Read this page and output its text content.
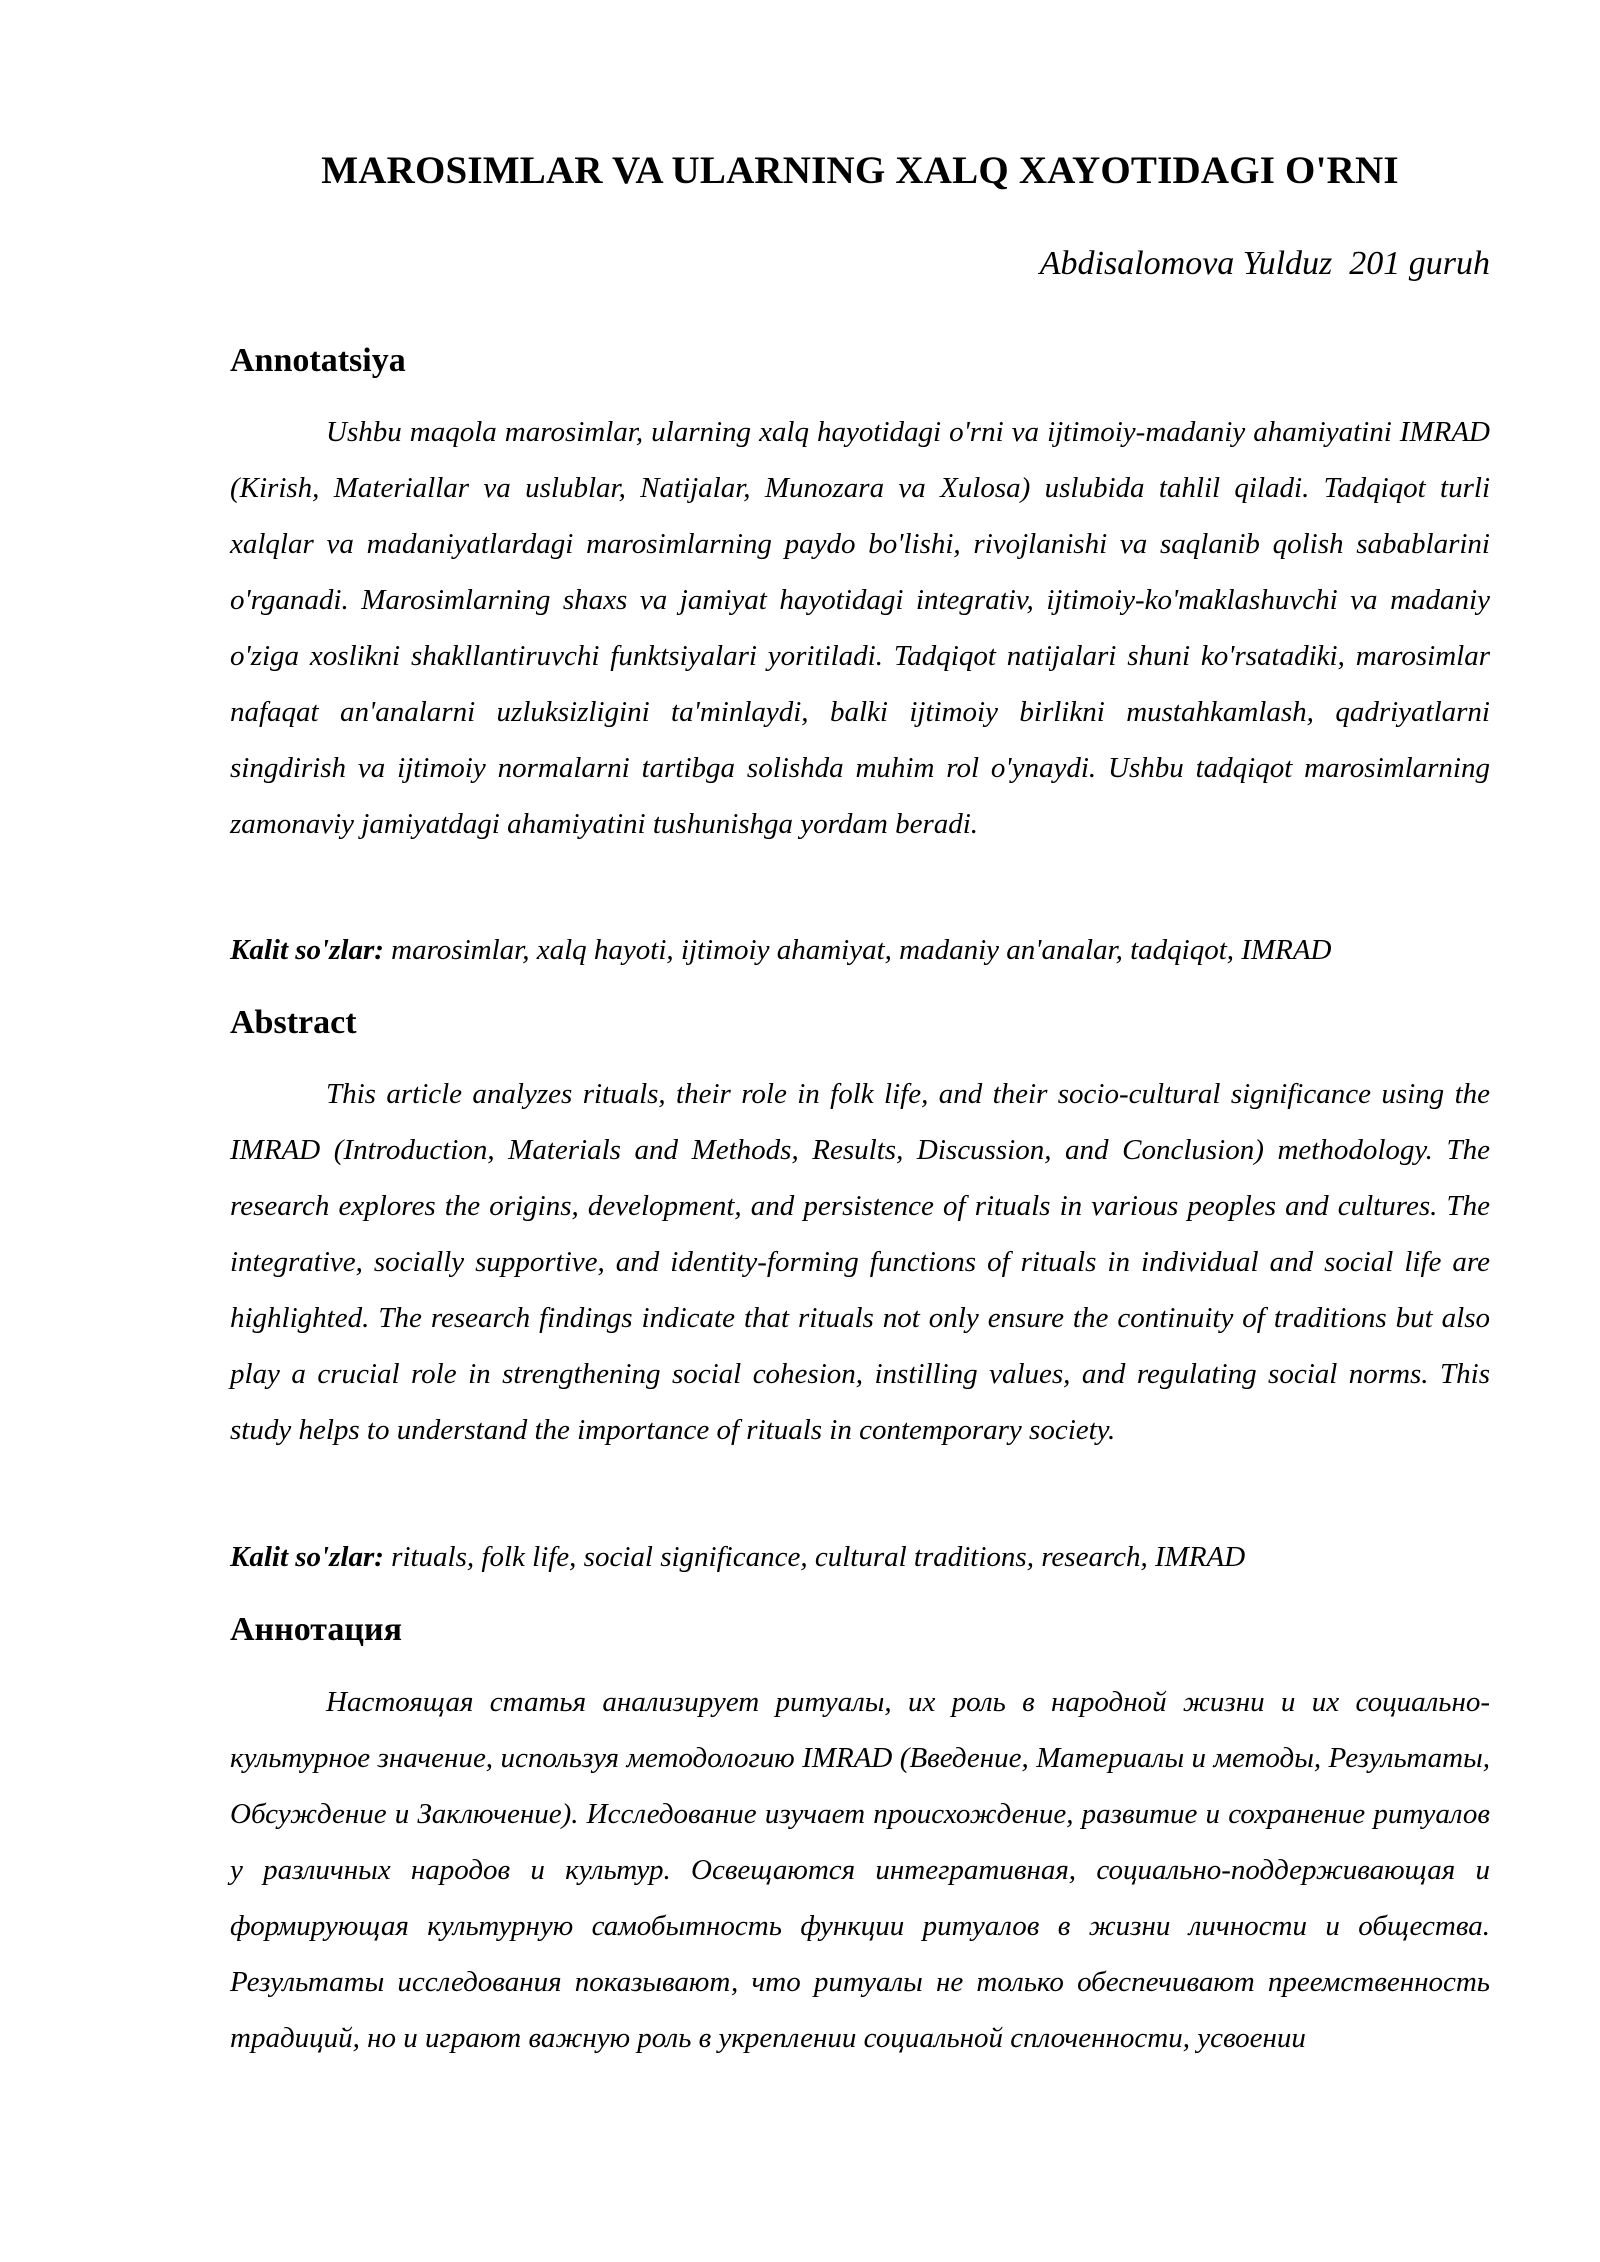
MAROSIMLAR VA ULARNING XALQ XAYOTIDAGI O'RNI

Abdisalomova Yulduz  201 guruh

Annotatsiya

Ushbu maqola marosimlar, ularning xalq hayotidagi o'rni va ijtimoiy-madaniy ahamiyatini IMRAD (Kirish, Materiallar va uslublar, Natijalar, Munozara va Xulosa) uslubida tahlil qiladi. Tadqiqot turli xalqlar va madaniyatlardagi marosimlarning paydo bo'lishi, rivojlanishi va saqlanib qolish sabablarini o'rganadi. Marosimlarning shaxs va jamiyat hayotidagi integrativ, ijtimoiy-ko'maklashuvchi va madaniy o'ziga xoslikni shakllantiruvchi funktsiyalari yoritiladi. Tadqiqot natijalari shuni ko'rsatadiki, marosimlar nafaqat an'analarni uzluksizligini ta'minlaydi, balki ijtimoiy birlikni mustahkamlash, qadriyatlarni singdirish va ijtimoiy normalarni tartibga solishda muhim rol o'ynaydi. Ushbu tadqiqot marosimlarning zamonaviy jamiyatdagi ahamiyatini tushunishga yordam beradi.

Kalit so'zlar: marosimlar, xalq hayoti, ijtimoiy ahamiyat, madaniy an'analar, tadqiqot, IMRAD

Abstract

This article analyzes rituals, their role in folk life, and their socio-cultural significance using the IMRAD (Introduction, Materials and Methods, Results, Discussion, and Conclusion) methodology. The research explores the origins, development, and persistence of rituals in various peoples and cultures. The integrative, socially supportive, and identity-forming functions of rituals in individual and social life are highlighted. The research findings indicate that rituals not only ensure the continuity of traditions but also play a crucial role in strengthening social cohesion, instilling values, and regulating social norms. This study helps to understand the importance of rituals in contemporary society.

Kalit so'zlar: rituals, folk life, social significance, cultural traditions, research, IMRAD

Аннотация

Настоящая статья анализирует ритуалы, их роль в народной жизни и их социально-культурное значение, используя методологию IMRAD (Введение, Материалы и методы, Результаты, Обсуждение и Заключение). Исследование изучает происхождение, развитие и сохранение ритуалов у различных народов и культур. Освещаются интегративная, социально-поддерживающая и формирующая культурную самобытность функции ритуалов в жизни личности и общества. Результаты исследования показывают, что ритуалы не только обеспечивают преемственность традиций, но и играют важную роль в укреплении социальной сплоченности, усвоении
